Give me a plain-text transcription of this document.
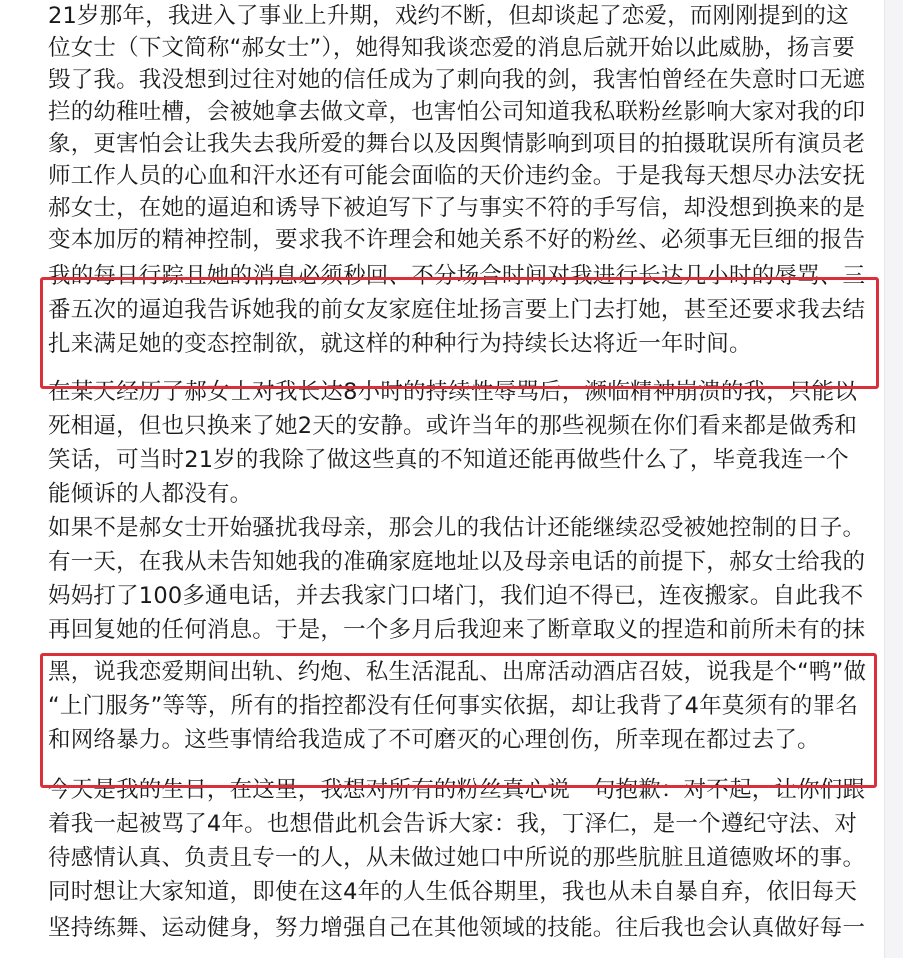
21岁那年，我进入了事业上升期，戏约不断，但却谈起了恋爱，而刚刚提到的这
位女士（下文简称“郝女士”），她得知我谈恋爱的消息后就开始以此威胁，扬言要
毁了我。我没想到过往对她的信任成为了刺向我的剑，我害怕曾经在失意时口无遮
拦的幼稚吐槽，会被她拿去做文章，也害怕公司知道我私联粉丝影响大家对我的印
象，更害怕会让我失去我所爱的舞台以及因舆情影响到项目的拍摄耽误所有演员老
师工作人员的心血和汗水还有可能会面临的天价违约金。于是我每天想尽办法安抚
郝女士，在她的逼迫和诱导下被迫写下了与事实不符的手写信，却没想到换来的是
变本加厉的精神控制，要求我不许理会和她关系不好的粉丝、必须事无巨细的报告
我的每日行踪且她的消息必须秒回、不分场合时间对我进行长达几小时的辱骂、三
番五次的逼迫我告诉她我的前女友家庭住址扬言要上门去打她，甚至还要求我去结
扎来满足她的变态控制欲，就这样的种种行为持续长达将近一年时间。
在某天经历了郝女士对我长达8小时的持续性辱骂后，濒临精神崩溃的我，只能以
死相逼，但也只换来了她2天的安静。或许当年的那些视频在你们看来都是做秀和
笑话，可当时21岁的我除了做这些真的不知道还能再做些什么了，毕竟我连一个
能倾诉的人都没有。
如果不是郝女士开始骚扰我母亲，那会儿的我估计还能继续忍受被她控制的日子。
有一天，在我从未告知她我的准确家庭地址以及母亲电话的前提下，郝女士给我的
妈妈打了100多通电话，并去我家门口堵门，我们迫不得已，连夜搬家。自此我不
再回复她的任何消息。于是，一个多月后我迎来了断章取义的捏造和前所未有的抹
黑，说我恋爱期间出轨、约炮、私生活混乱、出席活动酒店召妓，说我是个“鸭”做
“上门服务”等等，所有的指控都没有任何事实依据，却让我背了4年莫须有的罪名
和网络暴力。这些事情给我造成了不可磨灭的心理创伤，所幸现在都过去了。
今天是我的生日，在这里，我想对所有的粉丝真心说一句抱歉：对不起，让你们跟
着我一起被骂了4年。也想借此机会告诉大家：我，丁泽仁，是一个遵纪守法、对
待感情认真、负责且专一的人，从未做过她口中所说的那些肮脏且道德败坏的事。
同时想让大家知道，即使在这4年的人生低谷期里，我也从未自暴自弃，依旧每天
坚持练舞、运动健身，努力增强自己在其他领域的技能。往后我也会认真做好每一
